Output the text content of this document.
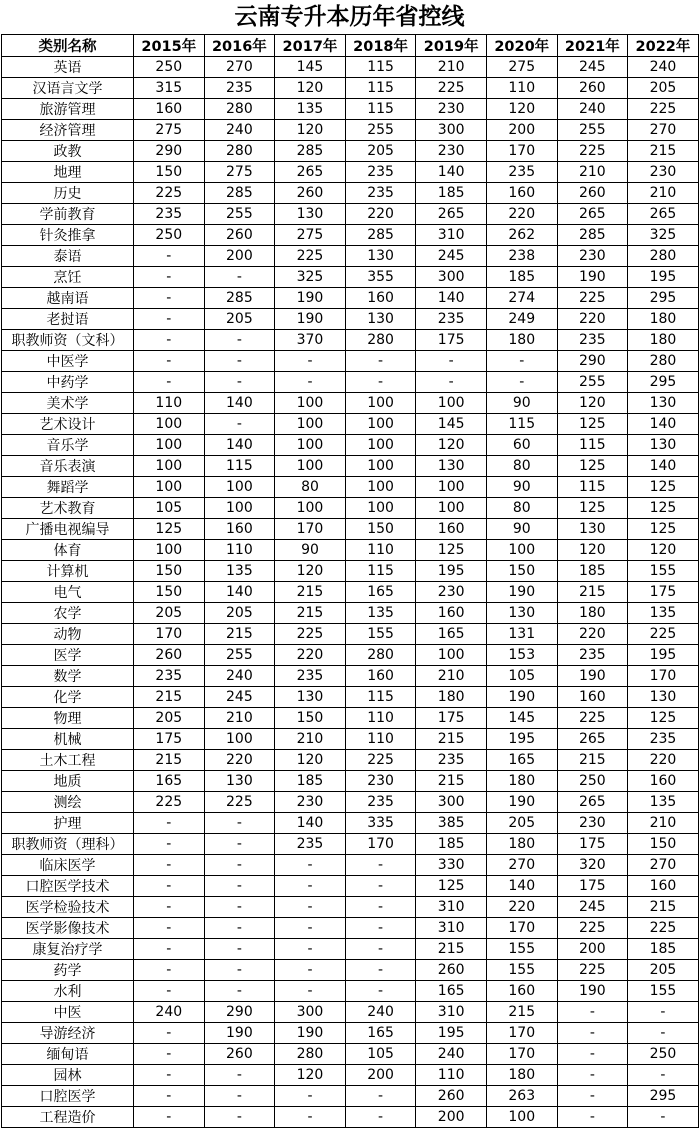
云南专升本历年省控线
类别名称	2015年	2016年	2017年	2018年	2019年	2020年	2021年	2022年
英语	250	270	145	115	210	275	245	240
汉语言文学	315	235	120	115	225	110	260	205
旅游管理	160	280	135	115	230	120	240	225
经济管理	275	240	120	255	300	200	255	270
政教	290	280	285	205	230	170	225	215
地理	150	275	265	235	140	235	210	230
历史	225	285	260	235	185	160	260	210
学前教育	235	255	130	220	265	220	265	265
针灸推拿	250	260	275	285	310	262	285	325
泰语	-	200	225	130	245	238	230	280
烹饪	-	-	325	355	300	185	190	195
越南语	-	285	190	160	140	274	225	295
老挝语	-	205	190	130	235	249	220	180
职教师资（文科）	-	-	370	280	175	180	235	180
中医学	-	-	-	-	-	-	290	280
中药学	-	-	-	-	-	-	255	295
美术学	110	140	100	100	100	90	120	130
艺术设计	100	-	100	100	145	115	125	140
音乐学	100	140	100	100	120	60	115	130
音乐表演	100	115	100	100	130	80	125	140
舞蹈学	100	100	80	100	100	90	115	125
艺术教育	105	100	100	100	100	80	125	125
广播电视编导	125	160	170	150	160	90	130	125
体育	100	110	90	110	125	100	120	120
计算机	150	135	120	115	195	150	185	155
电气	150	140	215	165	230	190	215	175
农学	205	205	215	135	160	130	180	135
动物	170	215	225	155	165	131	220	225
医学	260	255	220	280	100	153	235	195
数学	235	240	235	160	210	105	190	170
化学	215	245	130	115	180	190	160	130
物理	205	210	150	110	175	145	225	125
机械	175	100	210	110	215	195	265	235
土木工程	215	220	120	225	235	165	215	220
地质	165	130	185	230	215	180	250	160
测绘	225	225	230	235	300	190	265	135
护理	-	-	140	335	385	205	230	210
职教师资（理科）	-	-	235	170	185	180	175	150
临床医学	-	-	-	-	330	270	320	270
口腔医学技术	-	-	-	-	125	140	175	160
医学检验技术	-	-	-	-	310	220	245	215
医学影像技术	-	-	-	-	310	170	225	225
康复治疗学	-	-	-	-	215	155	200	185
药学	-	-	-	-	260	155	225	205
水利	-	-	-	-	165	160	190	155
中医	240	290	300	240	310	215	-	-
导游经济	-	190	190	165	195	170	-	-
缅甸语	-	260	280	105	240	170	-	250
园林	-	-	120	200	110	180	-	-
口腔医学	-	-	-	-	260	263	-	295
工程造价	-	-	-	-	200	100	-	-
